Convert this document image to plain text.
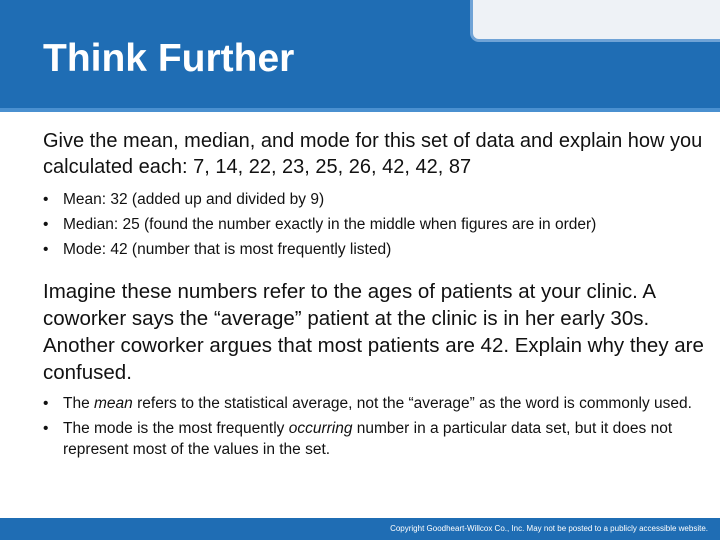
Think Further

Give the mean, median, and mode for this set of data and explain how you calculated each: 7, 14, 22, 23, 25, 26, 42, 42, 87

• Mean: 32 (added up and divided by 9)
• Median: 25 (found the number exactly in the middle when figures are in order)
• Mode: 42 (number that is most frequently listed)

Imagine these numbers refer to the ages of patients at your clinic. A coworker says the “average” patient at the clinic is in her early 30s. Another coworker argues that most patients are 42. Explain why they are confused.

• The mean refers to the statistical average, not the “average” as the word is commonly used.
• The mode is the most frequently occurring number in a particular data set, but it does not represent most of the values in the set.
Copyright Goodheart-Willcox Co., Inc. May not be posted to a publicly accessible website.
